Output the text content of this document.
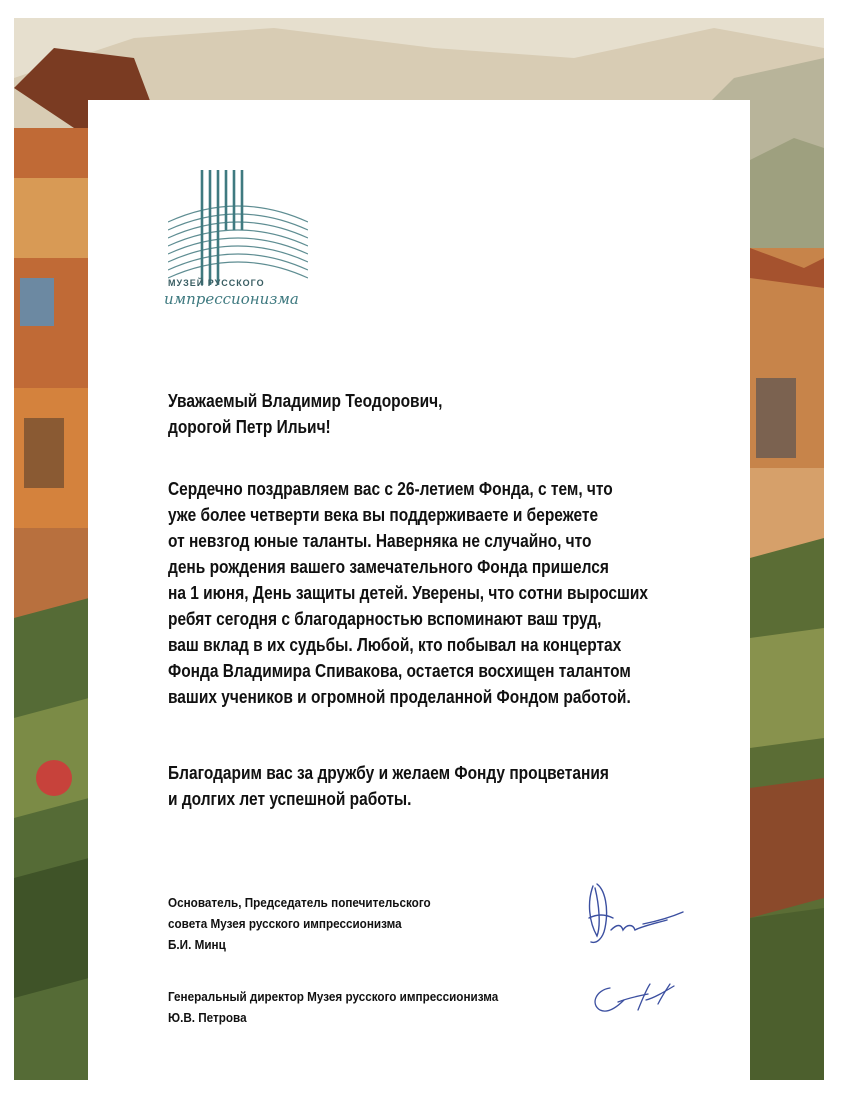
МУЗЕЙ РУССКОГО
импрессионизма
Уважаемый Владимир Теодорович,
дорогой Петр Ильич!
Сердечно поздравляем вас с 26-летием Фонда, с тем, что
уже более четверти века вы поддерживаете и бережете
от невзгод юные таланты. Наверняка не случайно, что
день рождения вашего замечательного Фонда пришелся
на 1 июня, День защиты детей. Уверены, что сотни выросших
ребят сегодня с благодарностью вспоминают ваш труд,
ваш вклад в их судьбы. Любой, кто побывал на концертах
Фонда Владимира Спивакова, остается восхищен талантом
ваших учеников и огромной проделанной Фондом работой.
Благодарим вас за дружбу и желаем Фонду процветания
и долгих лет успешной работы.
Основатель, Председатель попечительского
совета Музея русского импрессионизма
Б.И. Минц
Генеральный директор Музея русского импрессионизма
Ю.В. Петрова
